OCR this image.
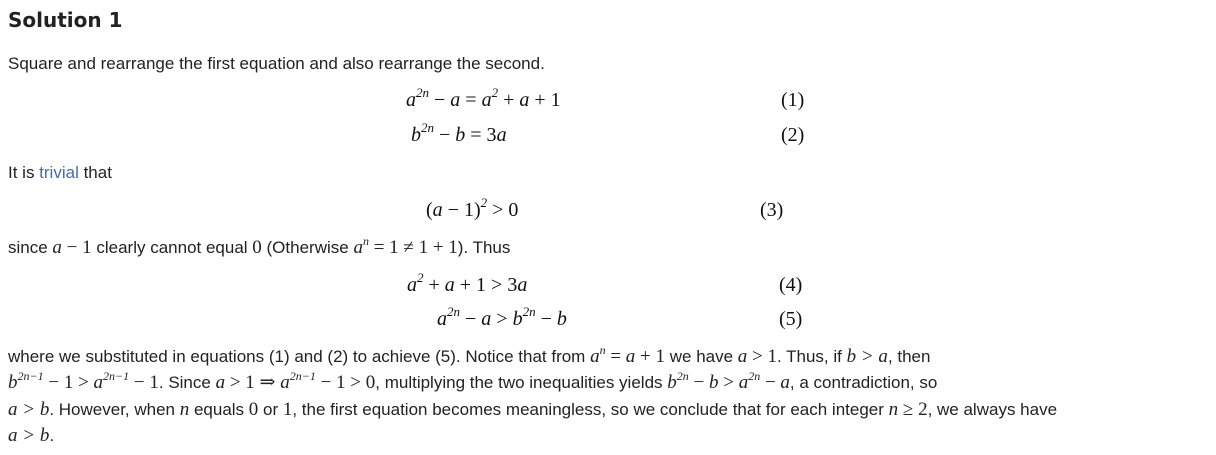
Solution 1
Square and rearrange the first equation and also rearrange the second.
$a^{2n} - a = a^2 + a + 1$	(1)
$b^{2n} - b = 3a$	(2)
It is trivial that
$(a - 1)^2 > 0$	(3)
since a − 1 clearly cannot equal 0 (Otherwise $a^n = 1 \ne 1 + 1$). Thus
$a^2 + a + 1 > 3a$	(4)
$a^{2n} - a > b^{2n} - b$	(5)
where we substituted in equations (1) and (2) to achieve (5). Notice that from $a^n = a + 1$ we have a > 1. Thus, if b > a, then
$b^{2n-1} - 1 > a^{2n-1} - 1$. Since a > 1 ⇒ $a^{2n-1} - 1 > 0$, multiplying the two inequalities yields $b^{2n} - b > a^{2n} - a$, a contradiction, so
a > b. However, when n equals 0 or 1, the first equation becomes meaningless, so we conclude that for each integer n ≥ 2, we always have
a > b.
